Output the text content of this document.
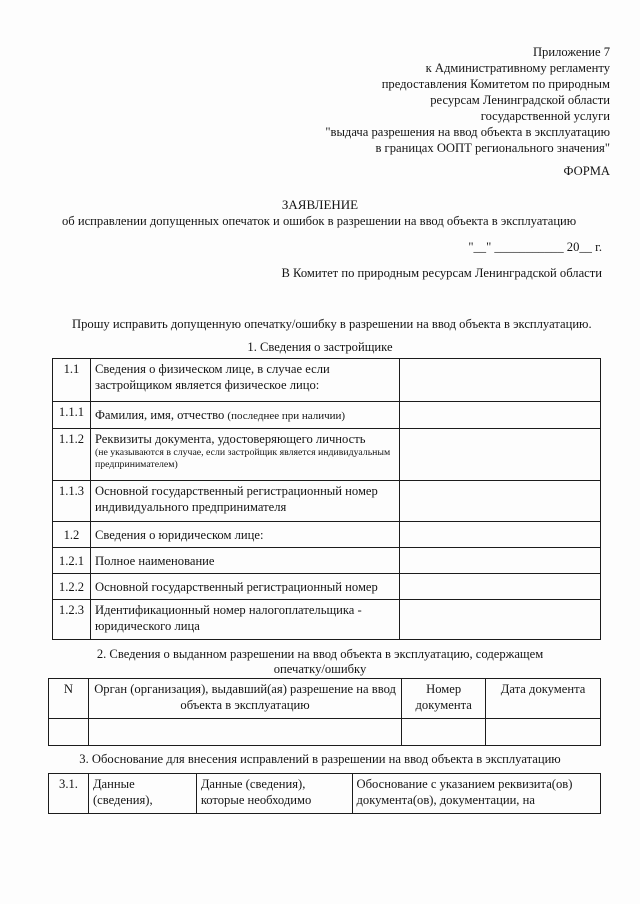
Приложение 7
к Административному регламенту
предоставления Комитетом по природным
ресурсам Ленинградской области
государственной услуги
"выдача разрешения на ввод объекта в эксплуатацию
в границах ООПТ регионального значения"
ФОРМА
ЗАЯВЛЕНИЕ
об исправлении допущенных опечаток и ошибок в разрешении на ввод объекта в эксплуатацию
"__" ___________ 20__ г.
В Комитет по природным ресурсам Ленинградской области
Прошу исправить допущенную опечатку/ошибку в разрешении на ввод объекта в эксплуатацию.
1. Сведения о застройщике
1.1	Сведения о физическом лице, в случае если застройщиком является физическое лицо:	
1.1.1	Фамилия, имя, отчество (последнее при наличии)	
1.1.2	Реквизиты документа, удостоверяющего личность
(не указываются в случае, если застройщик является индивидуальным предпринимателем)	

1.1.3	Основной государственный регистрационный номер индивидуального предпринимателя	
1.2	Сведения о юридическом лице:	
1.2.1	Полное наименование	
1.2.2	Основной государственный регистрационный номер	
1.2.3	Идентификационный номер налогоплательщика - юридического лица	
2. Сведения о выданном разрешении на ввод объекта в эксплуатацию, содержащем
опечатку/ошибку
N	Орган (организация), выдавший(ая) разрешение на ввод объекта в эксплуатацию	Номер документа	Дата документа

3. Обоснование для внесения исправлений в разрешении на ввод объекта в эксплуатацию
3.1.	Данные (сведения),	Данные (сведения), которые необходимо	Обоснование с указанием реквизита(ов) документа(ов), документации, на
